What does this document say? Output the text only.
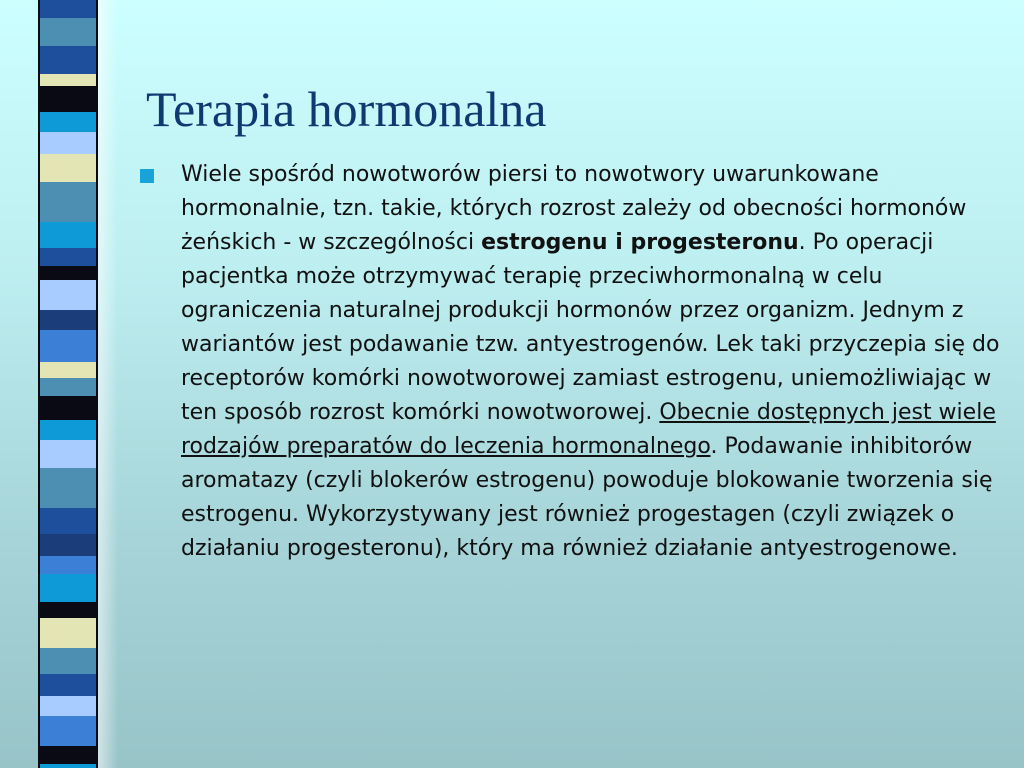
Terapia hormonalna

Wiele spośród nowotworów piersi to nowotwory uwarunkowane hormonalnie, tzn. takie, których rozrost zależy od obecności hormonów żeńskich - w szczególności estrogenu i progesteronu. Po operacji pacjentka może otrzymywać terapię przeciwhormonalną w celu ograniczenia naturalnej produkcji hormonów przez organizm. Jednym z wariantów jest podawanie tzw. antyestrogenów. Lek taki przyczepia się do receptorów komórki nowotworowej zamiast estrogenu, uniemożliwiając w ten sposób rozrost komórki nowotworowej. Obecnie dostępnych jest wiele rodzajów preparatów do leczenia hormonalnego. Podawanie inhibitorów aromatazy (czyli blokerów estrogenu) powoduje blokowanie tworzenia się estrogenu. Wykorzystywany jest również progestagen (czyli związek o działaniu progesteronu), który ma również działanie antyestrogenowe.
